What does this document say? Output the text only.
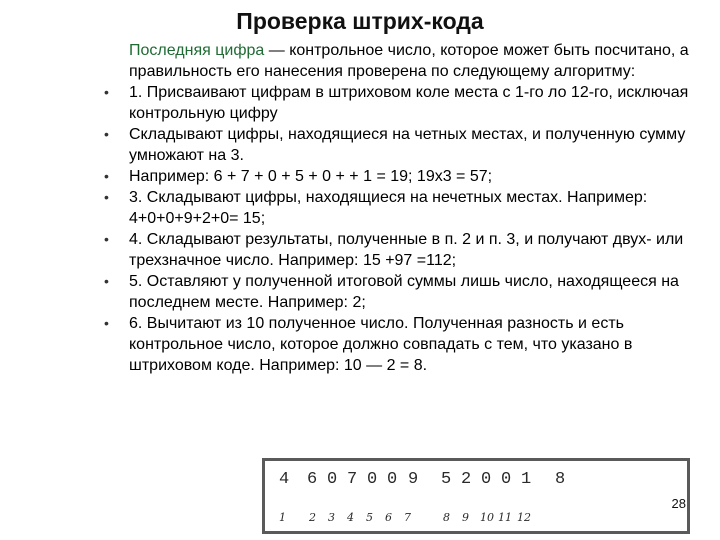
Проверка штрих-кода
Последняя цифра — контрольное число, которое может быть посчитано, а правильность его нанесения проверена по следующему алгоритму:
• 1. Присваивают цифрам в штриховом коле места с 1-го ло 12-го, исключая контрольную цифру
• Складывают цифры, находящиеся на четных местах, и полученную сумму умножают на 3.
• Например: 6 + 7 + 0 + 5 + 0 + + 1 = 19; 19х3 = 57;
• 3. Складывают цифры, находящиеся на нечетных местах. Например: 4+0+0+9+2+0= 15;
• 4. Складывают результаты, полученные в п. 2 и п. 3, и получают двух- или трехзначное число. Например: 15 +97 =112;
• 5. Оставляют у полученной итоговой суммы лишь число, находящееся на последнем месте. Например: 2;
• 6. Вычитают из 10 полученное число. Полученная разность и есть контрольное число, которое должно совпадать с тем, что указано в штриховом коде. Например: 10 — 2 = 8.
4 6 0 7 0 0 9 5 2 0 0 1 8
1 2 3 4 5 6 7	8 9 10 11 12
28
